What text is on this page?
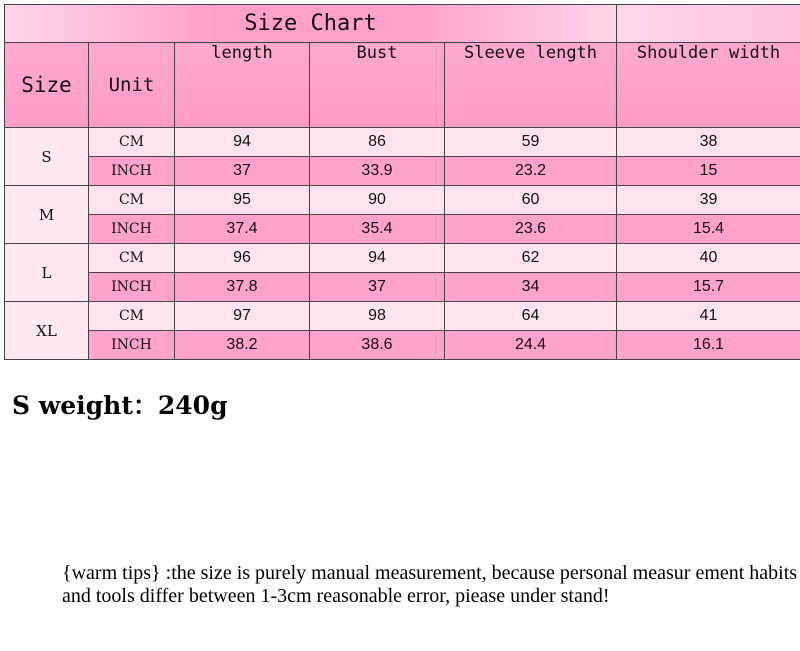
Size Chart					
Size	Unit	length	Bust	Sleeve length	Shoulder width
S	CM	94	86	59	38
	INCH	37	33.9	23.2	15
M	CM	95	90	60	39
	INCH	37.4	35.4	23.6	15.4
L	CM	96	94	62	40
	INCH	37.8	37	34	15.7
XL	CM	97	98	64	41
	INCH	38.2	38.6	24.4	16.1

S weight：240g

{warm tips} :the size is purely manual measurement, because personal measur ement habits and tools differ between 1-3cm reasonable error, piease under stand!
